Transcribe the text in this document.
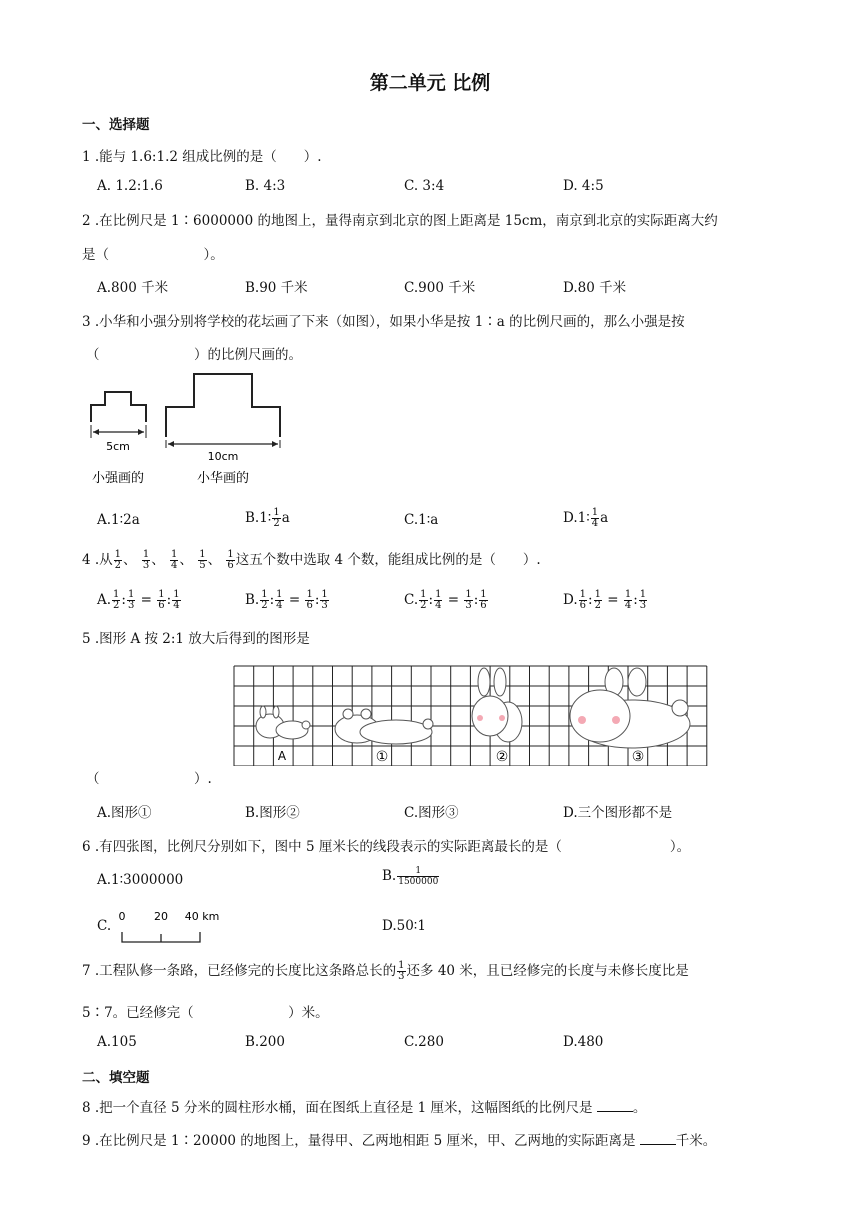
第二单元 比例
一、选择题
1 .能与 1.6:1.2 组成比例的是（　　）.
A. 1.2:1.6	B. 4:3	C. 3:4	D. 4:5
2 .在比例尺是 1∶6000000 的地图上，量得南京到北京的图上距离是 15cm，南京到北京的实际距离大约
是（　　　　　　　）。
A.800 千米	B.90 千米	C.900 千米	D.80 千米
3 .小华和小强分别将学校的花坛画了下来（如图），如果小华是按 1∶a 的比例尺画的，那么小强是按
（　　　　　　　）的比例尺画的。
5cm
小强画的
10cm
小华画的
A.1∶2a	B.1∶ $\frac{1}{2}$ a	C.1∶a	D.1∶ $\frac{1}{4}$ a
4 .从 $\frac{1}{2}$ 、 $\frac{1}{3}$ 、 $\frac{1}{4}$ 、 $\frac{1}{5}$ 、 $\frac{1}{6}$ 这五个数中选取 4 个数，能组成比例的是（　　）.
A. $\frac{1}{2}$ : $\frac{1}{3} = \frac{1}{6}$ : $\frac{1}{4}$	B. $\frac{1}{2}$ : $\frac{1}{4} = \frac{1}{6}$ : $\frac{1}{3}$	C. $\frac{1}{2}$ : $\frac{1}{4} = \frac{1}{3}$ : $\frac{1}{6}$	D. $\frac{1}{6}$ : $\frac{1}{2} = \frac{1}{4}$ : $\frac{1}{3}$
5 .图形 A 按 2:1 放大后得到的图形是
A	①	②	③
（　　　　　　　）.
A.图形①	B.图形②	C.图形③	D.三个图形都不是
6 .有四张图，比例尺分别如下，图中 5 厘米长的线段表示的实际距离最长的是（　　　　　　　　）。
A.1∶3000000	B. $\frac{1}{1500000}$
C.
0	20 40 km
D.50∶1
7 .工程队修一条路，已经修完的长度比这条路总长的 $\frac{1}{3}$ 还多 40 米，且已经修完的长度与未修长度比是
5∶7。已经修完（　　　　　　　）米。
A.105	B.200	C.280	D.480
二、填空题
8 .把一个直径 5 分米的圆柱形水桶，面在图纸上直径是 1 厘米，这幅图纸的比例尺是	。
9 .在比例尺是 1∶20000 的地图上，量得甲、乙两地相距 5 厘米，甲、乙两地的实际距离是	千米。
